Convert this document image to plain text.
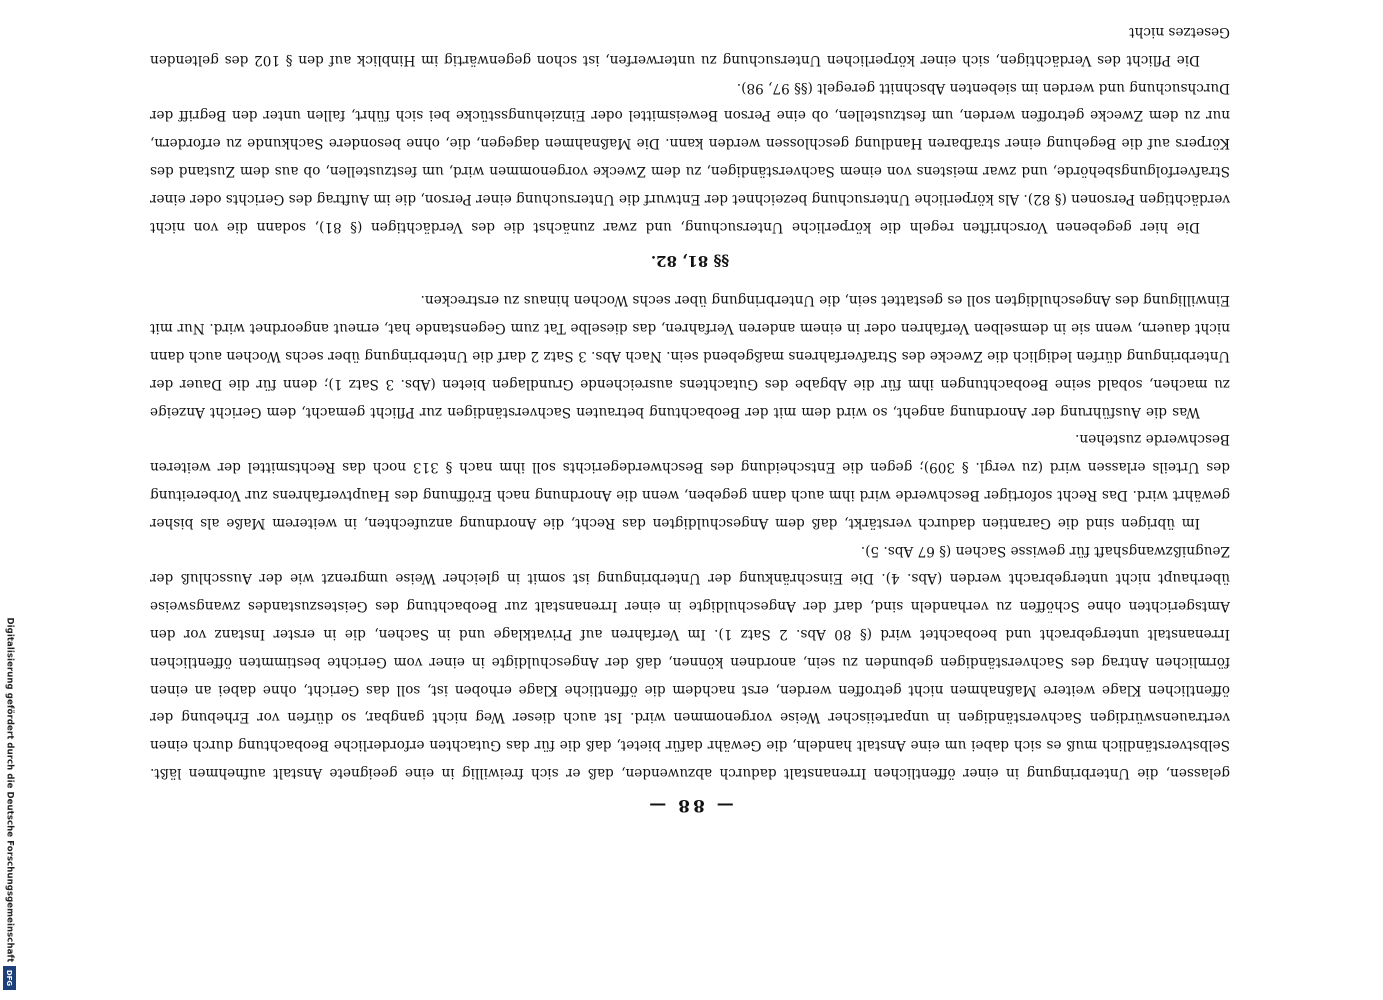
Digitalisierung gefördert durch die Deutsche Forschungsgemeinschaft
DFG
— 88 —

gelassen, die Unterbringung in einer öffentlichen Irrenanstalt dadurch abzuwenden, daß er sich freiwillig in eine geeignete Anstalt aufnehmen läßt. Selbstverständlich muß es sich dabei um eine Anstalt handeln, die Gewähr dafür bietet, daß die für das Gutachten erforderliche Beobachtung durch einen vertrauenswürdigen Sachverständigen in unparteiischer Weise vorgenommen wird. Ist auch dieser Weg nicht gangbar, so dürfen vor Erhebung der öffentlichen Klage weitere Maßnahmen nicht getroffen werden, erst nachdem die öffentliche Klage erhoben ist, soll das Gericht, ohne dabei an einen förmlichen Antrag des Sachverständigen gebunden zu sein, anordnen können, daß der Angeschuldigte in einer vom Gerichte bestimmten öffentlichen Irrenanstalt untergebracht und beobachtet wird (§ 80 Abs. 2 Satz 1). Im Verfahren auf Privatklage und in Sachen, die in erster Instanz vor den Amtsgerichten ohne Schöffen zu verhandeln sind, darf der Angeschuldigte in einer Irrenanstalt zur Beobachtung des Geisteszustandes zwangsweise überhaupt nicht untergebracht werden (Abs. 4). Die Einschränkung der Unterbringung ist somit in gleicher Weise umgrenzt wie der Ausschluß der Zeugnißzwangshaft für gewisse Sachen (§ 67 Abs. 5).

Im übrigen sind die Garantien dadurch verstärkt, daß dem Angeschuldigten das Recht, die Anordnung anzufechten, in weiterem Maße als bisher gewährt wird. Das Recht sofortiger Beschwerde wird ihm auch dann gegeben, wenn die Anordnung nach Eröffnung des Hauptverfahrens zur Vorbereitung des Urteils erlassen wird (zu vergl. § 309); gegen die Entscheidung des Beschwerdegerichts soll ihm nach § 313 noch das Rechtsmittel der weiteren Beschwerde zustehen.

Was die Ausführung der Anordnung angeht, so wird dem mit der Beobachtung betrauten Sachverständigen zur Pflicht gemacht, dem Gericht Anzeige zu machen, sobald seine Beobachtungen ihm für die Abgabe des Gutachtens ausreichende Grundlagen bieten (Abs. 3 Satz 1); denn für die Dauer der Unterbringung dürfen lediglich die Zwecke des Strafverfahrens maßgebend sein. Nach Abs. 3 Satz 2 darf die Unterbringung über sechs Wochen auch dann nicht dauern, wenn sie in demselben Verfahren oder in einem anderen Verfahren, das dieselbe Tat zum Gegenstande hat, erneut angeordnet wird. Nur mit Einwilligung des Angeschuldigten soll es gestattet sein, die Unterbringung über sechs Wochen hinaus zu erstrecken.

§§ 81, 82.

Die hier gegebenen Vorschriften regeln die körperliche Untersuchung, und zwar zunächst die des Verdächtigen (§ 81), sodann die von nicht verdächtigen Personen (§ 82). Als körperliche Untersuchung bezeichnet der Entwurf die Untersuchung einer Person, die im Auftrag des Gerichts oder einer Strafverfolgungsbehörde, und zwar meistens von einem Sachverständigen, zu dem Zwecke vorgenommen wird, um festzustellen, ob aus dem Zustand des Körpers auf die Begehung einer strafbaren Handlung geschlossen werden kann. Die Maßnahmen dagegen, die, ohne besondere Sachkunde zu erfordern, nur zu dem Zwecke getroffen werden, um festzustellen, ob eine Person Beweismittel oder Einziehungsstücke bei sich führt, fallen unter den Begriff der Durchsuchung und werden im siebenten Abschnitt geregelt (§§ 97, 98).

Die Pflicht des Verdächtigen, sich einer körperlichen Untersuchung zu unterwerfen, ist schon gegenwärtig im Hinblick auf den § 102 des geltenden Gesetzes nicht
